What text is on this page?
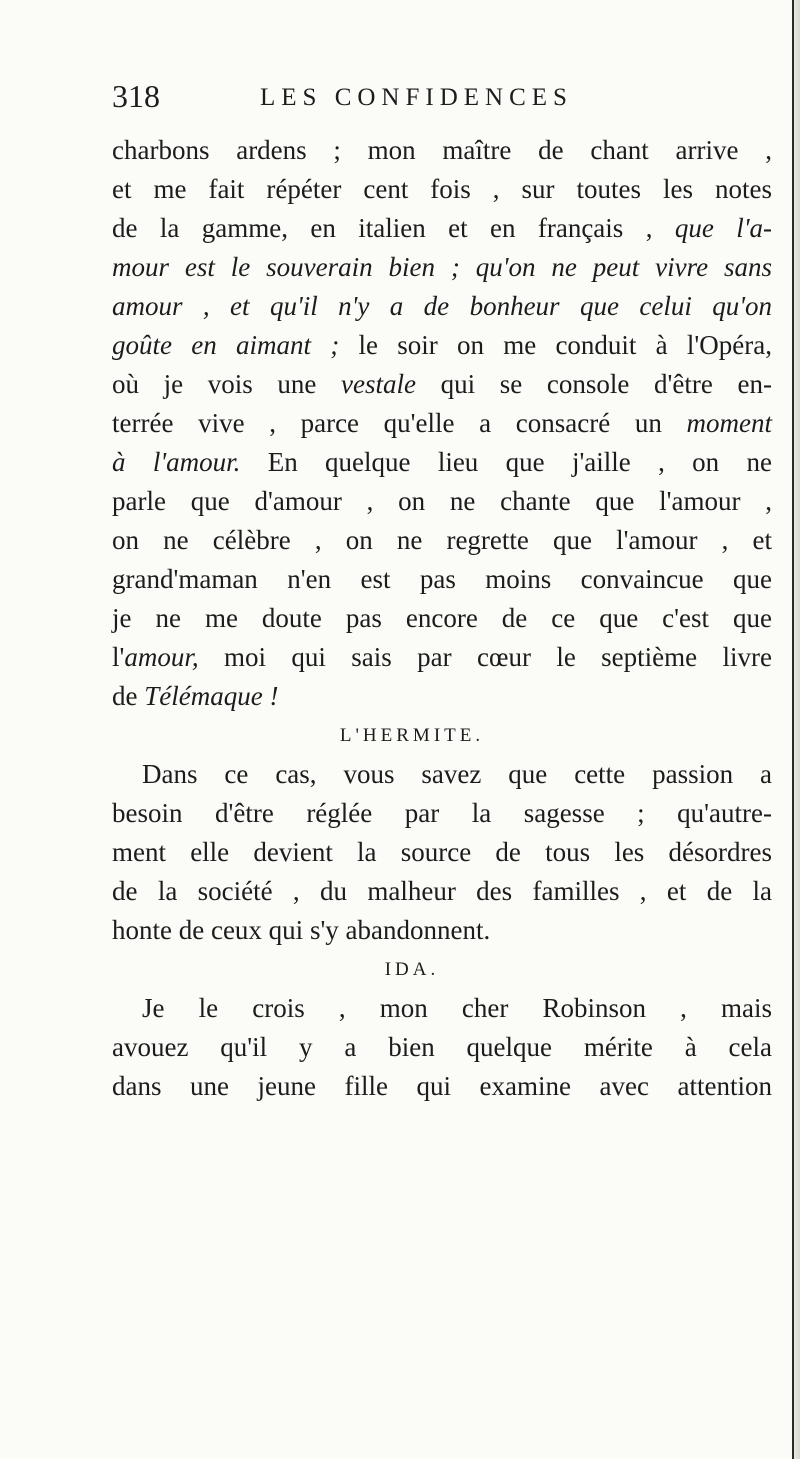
318	LES CONFIDENCES

charbons ardens ; mon maître de chant arrive ,

et me fait répéter cent fois , sur toutes les notes

de la gamme, en italien et en français , que l'a-

mour est le souverain bien ; qu'on ne peut vivre sans

amour , et qu'il n'y a de bonheur que celui qu'on

goûte en aimant ; le soir on me conduit à l'Opéra,

où je vois une vestale qui se console d'être en-

terrée vive , parce qu'elle a consacré un moment

à l'amour. En quelque lieu que j'aille , on ne

parle que d'amour , on ne chante que l'amour ,

on ne célèbre , on ne regrette que l'amour , et

grand'maman n'en est pas moins convaincue que

je ne me doute pas encore de ce que c'est que

l'amour, moi qui sais par cœur le septième livre

de Télémaque !

L'HERMITE.

Dans ce cas, vous savez que cette passion a

besoin d'être réglée par la sagesse ; qu'autre-

ment elle devient la source de tous les désordres

de la société , du malheur des familles , et de la

honte de ceux qui s'y abandonnent.

IDA.

Je le crois , mon cher Robinson , mais

avouez qu'il y a bien quelque mérite à cela

dans une jeune fille qui examine avec attention
